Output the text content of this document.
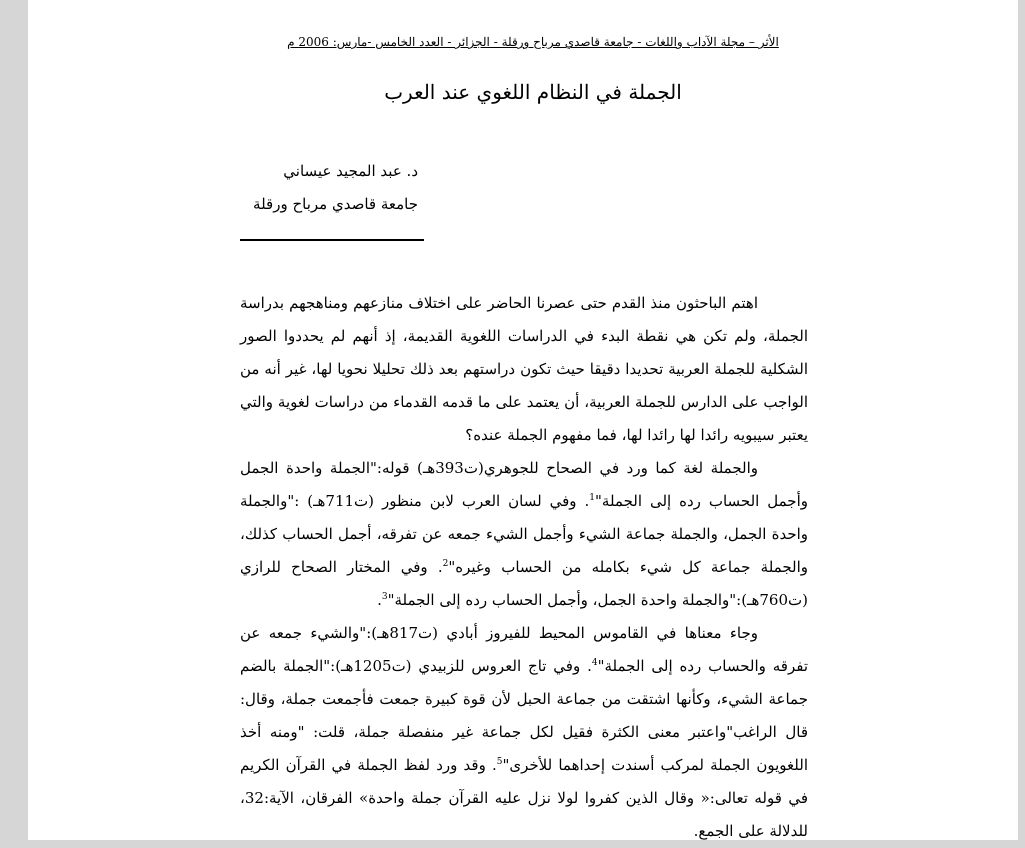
الأثر – مجلة الآداب واللغات - جامعة قاصدي مرباح ورقلة - الجزائر - العدد الخامس -مارس: 2006 م
الجملة في النظام اللغوي عند العرب
د. عبد المجيد عيساني
جامعة قاصدي مرباح ورقلة

اهتم الباحثون منذ القدم حتى عصرنا الحاضر على اختلاف منازعهم ومناهجهم بدراسة الجملة، ولم تكن هي نقطة البدء في الدراسات اللغوية القديمة، إذ أنهم لم يحددوا الصور الشكلية للجملة العربية تحديدا دقيقا حيث تكون دراستهم بعد ذلك تحليلا نحويا لها، غير أنه من الواجب على الدارس للجملة العربية، أن يعتمد على ما قدمه القدماء من دراسات لغوية والتي يعتبر سيبويه رائدا لها رائدا لها، فما مفهوم الجملة عنده؟

والجملة لغة كما ورد في الصحاح للجوهري(ت393هـ) قوله:"الجملة واحدة الجمل وأجمل الحساب رده إلى الجملة"$^1$. وفي لسان العرب لابن منظور (ت711هـ) :"والجملة واحدة الجمل، والجملة جماعة الشيء وأجمل الشيء جمعه عن تفرقه، أجمل الحساب كذلك، والجملة جماعة كل شيء بكامله من الحساب وغيره"$^2$. وفي المختار الصحاح للرازي (ت760هـ):"والجملة واحدة الجمل، وأجمل الحساب رده إلى الجملة"$^3$.

وجاء معناها في القاموس المحيط للفيروز أبادي (ت817هـ):"والشيء جمعه عن تفرقه والحساب رده إلى الجملة"$^4$. وفي تاج العروس للزبيدي (ت1205هـ):"الجملة بالضم جماعة الشيء، وكأنها اشتقت من جماعة الحبل لأن قوة كبيرة جمعت فأجمعت جملة، وقال: قال الراغب"واعتبر معنى الكثرة فقيل لكل جماعة غير منفصلة جملة، قلت: "ومنه أخذ اللغويون الجملة لمركب أسندت إحداهما للأخرى"$^5$. وقد ورد لفظ الجملة في القرآن الكريم في قوله تعالى:« وقال الذين كفروا لولا نزل عليه القرآن جملة واحدة» الفرقان، الآية:32، للدلالة على الجمع.
